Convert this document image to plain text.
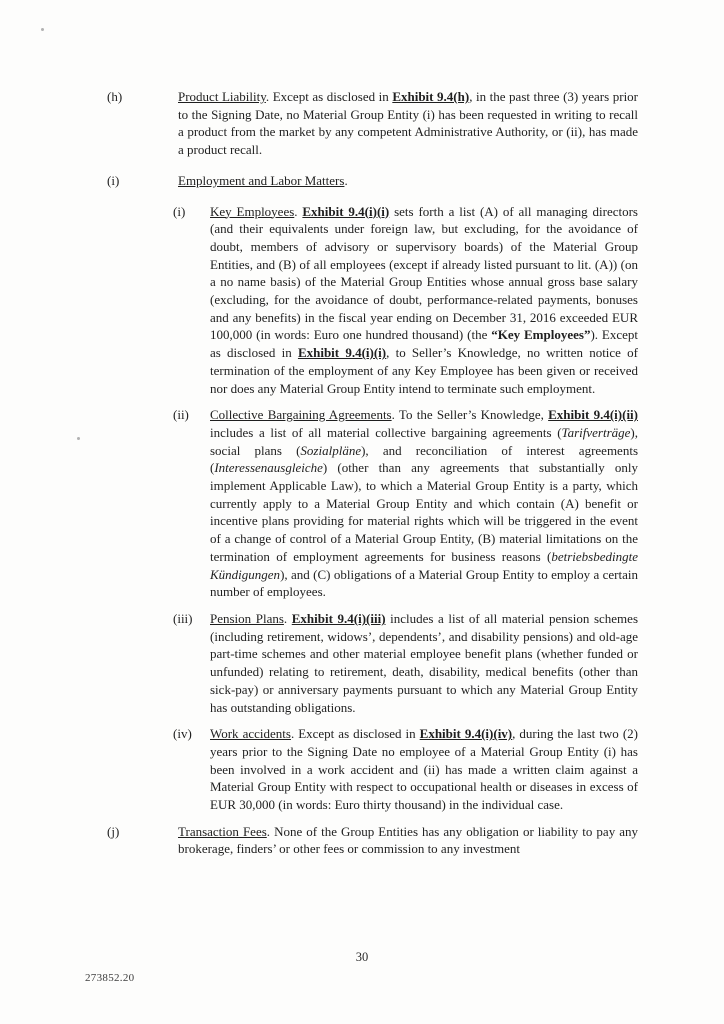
(h)	Product Liability. Except as disclosed in Exhibit 9.4(h), in the past three (3) years prior to the Signing Date, no Material Group Entity (i) has been requested in writing to recall a product from the market by any competent Administrative Authority, or (ii), has made a product recall.
(i)	Employment and Labor Matters.
(i)	Key Employees. Exhibit 9.4(i)(i) sets forth a list (A) of all managing directors (and their equivalents under foreign law, but excluding, for the avoidance of doubt, members of advisory or supervisory boards) of the Material Group Entities, and (B) of all employees (except if already listed pursuant to lit. (A)) (on a no name basis) of the Material Group Entities whose annual gross base salary (excluding, for the avoidance of doubt, performance-related payments, bonuses and any benefits) in the fiscal year ending on December 31, 2016 exceeded EUR 100,000 (in words: Euro one hundred thousand) (the “Key Employees”). Except as disclosed in Exhibit 9.4(i)(i), to Seller’s Knowledge, no written notice of termination of the employment of any Key Employee has been given or received nor does any Material Group Entity intend to terminate such employment.
(ii)	Collective Bargaining Agreements. To the Seller’s Knowledge, Exhibit 9.4(i)(ii) includes a list of all material collective bargaining agreements (Tarifverträge), social plans (Sozialpläne), and reconciliation of interest agreements (Interessenausgleiche) (other than any agreements that substantially only implement Applicable Law), to which a Material Group Entity is a party, which currently apply to a Material Group Entity and which contain (A) benefit or incentive plans providing for material rights which will be triggered in the event of a change of control of a Material Group Entity, (B) material limitations on the termination of employment agreements for business reasons (betriebsbedingte Kündigungen), and (C) obligations of a Material Group Entity to employ a certain number of employees.
(iii)	Pension Plans. Exhibit 9.4(i)(iii) includes a list of all material pension schemes (including retirement, widows’, dependents’, and disability pensions) and old-age part-time schemes and other material employee benefit plans (whether funded or unfunded) relating to retirement, death, disability, medical benefits (other than sick-pay) or anniversary payments pursuant to which any Material Group Entity has outstanding obligations.
(iv)	Work accidents. Except as disclosed in Exhibit 9.4(i)(iv), during the last two (2) years prior to the Signing Date no employee of a Material Group Entity (i) has been involved in a work accident and (ii) has made a written claim against a Material Group Entity with respect to occupational health or diseases in excess of EUR 30,000 (in words: Euro thirty thousand) in the individual case.
(j)	Transaction Fees. None of the Group Entities has any obligation or liability to pay any brokerage, finders’ or other fees or commission to any investment
30
273852.20
